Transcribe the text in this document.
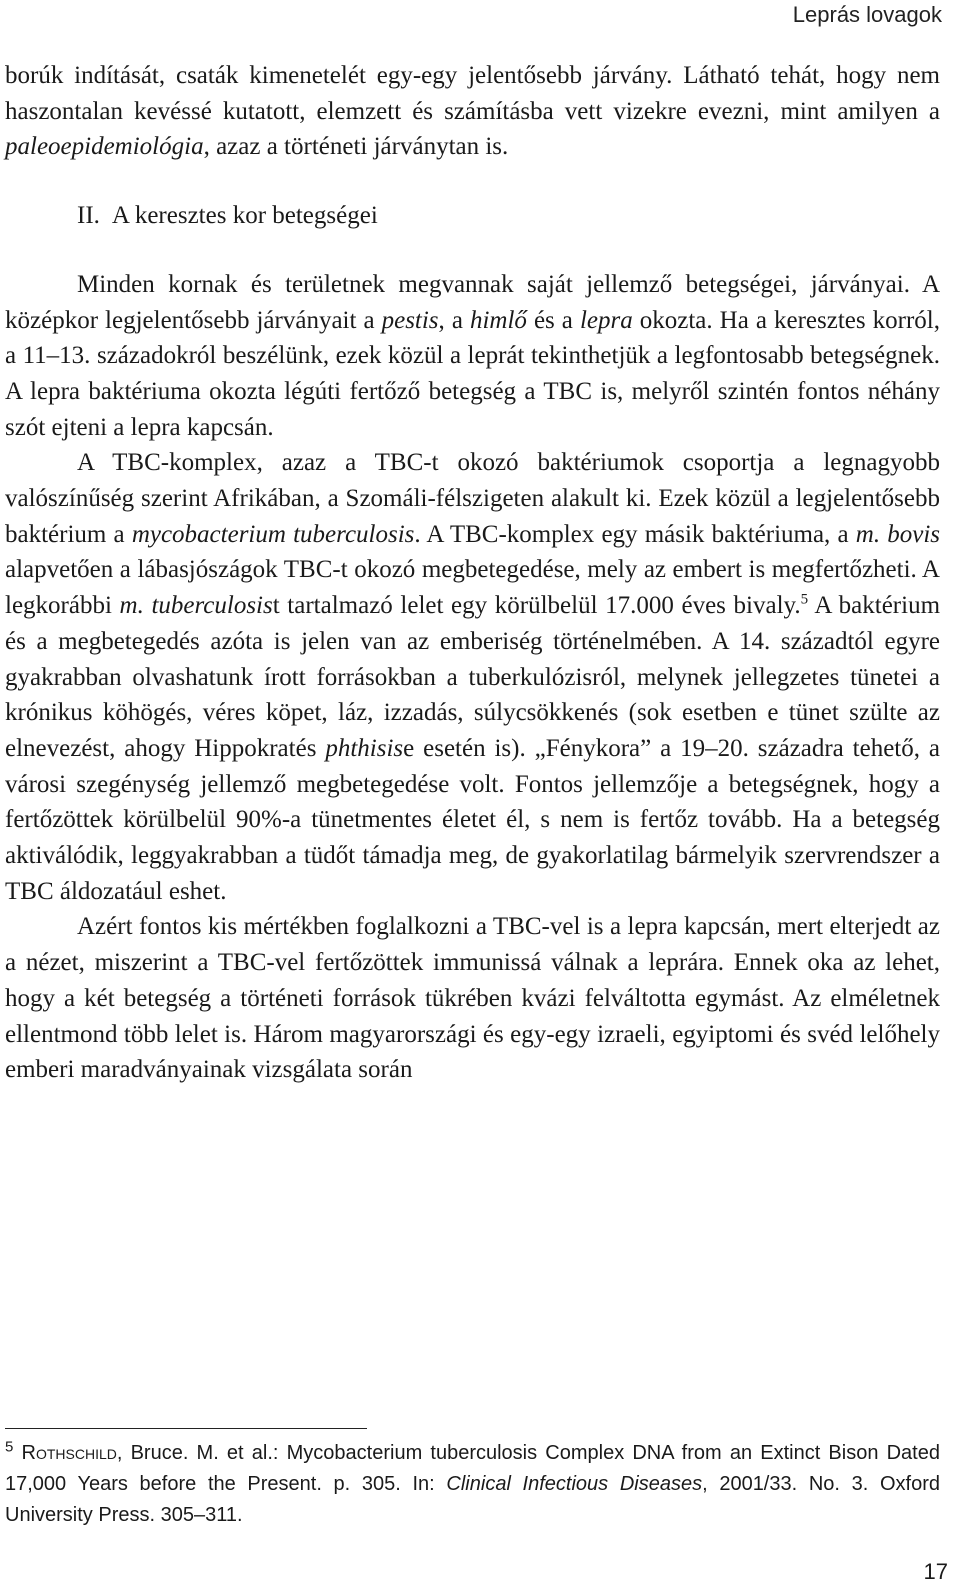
Leprás lovagok

borúk indítását, csaták kimenetelét egy-egy jelentősebb járvány. Látható tehát, hogy nem haszontalan kevéssé kutatott, elemzett és számításba vett vizekre evezni, mint amilyen a paleoepidemiológia, azaz a történeti járványtan is.

II. A keresztes kor betegségei

Minden kornak és területnek megvannak saját jellemző betegségei, járványai. A középkor legjelentősebb járványait a pestis, a himlő és a lepra okozta. Ha a keresztes korról, a 11–13. századokról beszélünk, ezek közül a leprát tekinthetjük a legfontosabb betegségnek. A lepra baktériuma okozta légúti fertőző betegség a TBC is, melyről szintén fontos néhány szót ejteni a lepra kapcsán.

A TBC-komplex, azaz a TBC-t okozó baktériumok csoportja a legnagyobb valószínűség szerint Afrikában, a Szomáli-félszigeten alakult ki. Ezek közül a legjelentősebb baktérium a mycobacterium tuberculosis. A TBC-komplex egy másik baktériuma, a m. bovis alapvetően a lábasjószágok TBC-t okozó megbetegedése, mely az embert is megfertőzheti. A legkorábbi m. tuberculosist tartalmazó lelet egy körülbelül 17.000 éves bivaly.$^5$ A baktérium és a megbetegedés azóta is jelen van az emberiség történelmében. A 14. századtól egyre gyakrabban olvashatunk írott forrásokban a tuberkulózisról, melynek jellegzetes tünetei a krónikus köhögés, véres köpet, láz, izzadás, súlycsökkenés (sok esetben e tünet szülte az elnevezést, ahogy Hippokratés phthisise esetén is). „Fénykora” a 19–20. századra tehető, a városi szegénység jellemző megbetegedése volt. Fontos jellemzője a betegségnek, hogy a fertőzöttek körülbelül 90%-a tünetmentes életet él, s nem is fertőz tovább. Ha a betegség aktiválódik, leggyakrabban a tüdőt támadja meg, de gyakorlatilag bármelyik szervrendszer a TBC áldozatául eshet.

Azért fontos kis mértékben foglalkozni a TBC-vel is a lepra kapcsán, mert elterjedt az a nézet, miszerint a TBC-vel fertőzöttek immunissá válnak a leprára. Ennek oka az lehet, hogy a két betegség a történeti források tükrében kvázi felváltotta egymást. Az elméletnek ellentmond több lelet is. Három magyarországi és egy-egy izraeli, egyiptomi és svéd lelőhely emberi maradványainak vizsgálata során

$^5$ Rothschild, Bruce. M. et al.: Mycobacterium tuberculosis Complex DNA from an Extinct Bison Dated 17,000 Years before the Present. p. 305. In: Clinical Infectious Diseases, 2001/33. No. 3. Oxford University Press. 305–311.
17
